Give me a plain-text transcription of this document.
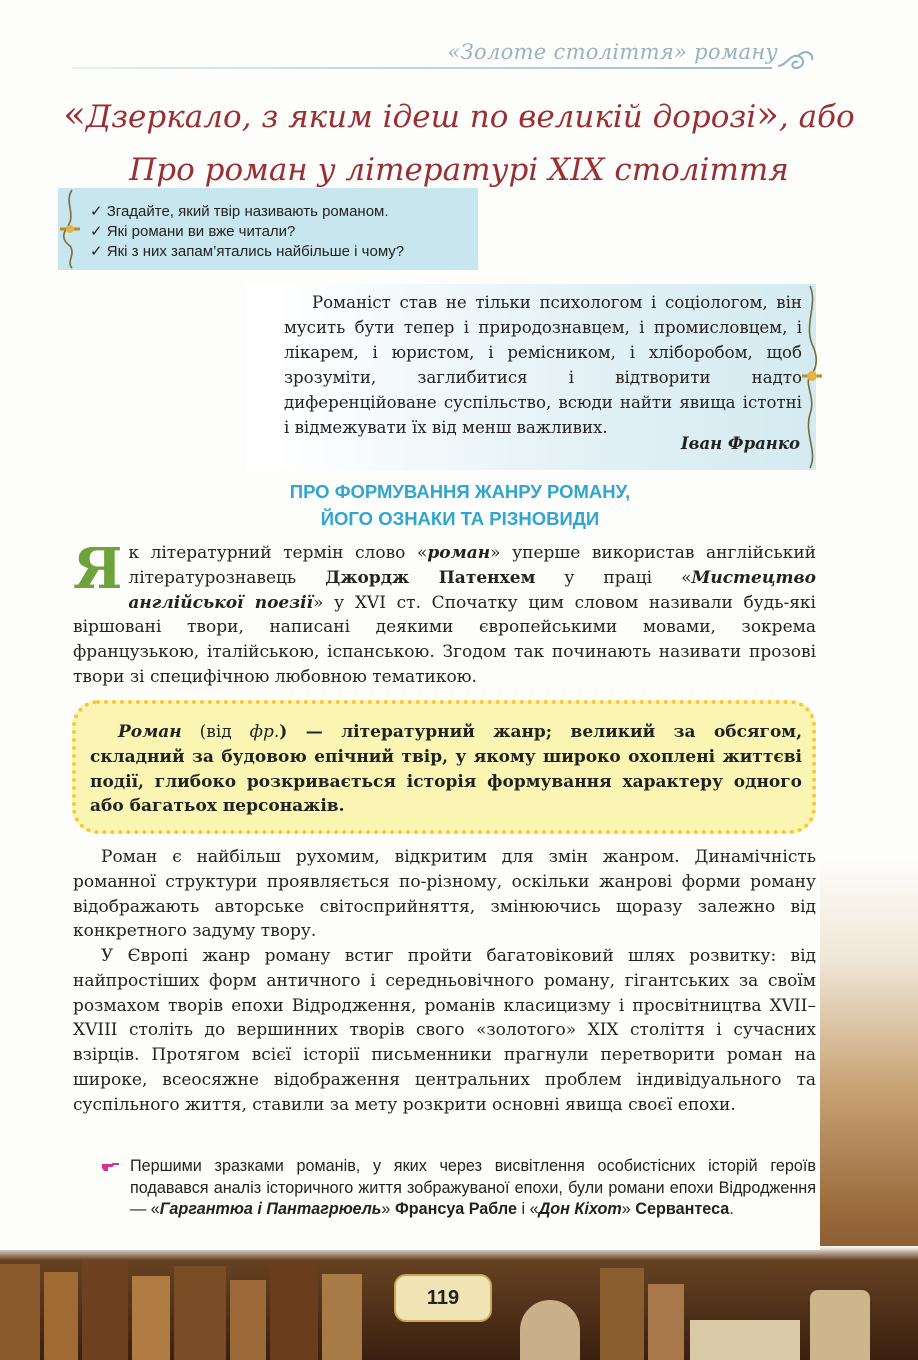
«Золоте століття» роману
«Дзеркало, з яким ідеш по великій дорозі», або
Про роман у літературі XIX століття
✓ Згадайте, який твір називають романом.
✓ Які романи ви вже читали?
✓ Які з них запам’ятались найбільше і чому?
Романіст став не тільки психологом і соціологом, він мусить бути тепер і природознавцем, і промисловцем, і лікарем, і юристом, і ремісником, і хліборобом, щоб зрозуміти, заглибитися і відтворити надто диференційоване суспільство, всюди найти явища істотні і відмежувати їх від менш важливих.
Іван Франко
ПРО ФОРМУВАННЯ ЖАНРУ РОМАНУ,
ЙОГО ОЗНАКИ ТА РІЗНОВИДИ
Як літературний термін слово «роман» уперше використав англійський літературознавець Джордж Патенхем у праці «Мистецтво англійської поезії» у XVI ст. Спочатку цим словом називали будь-які віршовані твори, написані деякими європейськими мовами, зокрема французькою, італійською, іспанською. Згодом так починають називати прозові твори зі специфічною любовною тематикою.
Роман (від фр.) — літературний жанр; великий за обсягом, складний за будовою епічний твір, у якому широко охоплені життєві події, глибоко розкривається історія формування характеру одного або багатьох персонажів.
Роман є найбільш рухомим, відкритим для змін жанром. Динамічність романної структури проявляється по-різному, оскільки жанрові форми роману відображають авторське світосприйняття, змінюючись щоразу залежно від конкретного задуму твору.
У Європі жанр роману встиг пройти багатовіковий шлях розвитку: від найпростіших форм античного і середньовічного роману, гігантських за своїм розмахом творів епохи Відродження, романів класицизму і просвітництва XVII–XVIII століть до вершинних творів свого «золотого» XIX століття і сучасних взірців. Протягом всієї історії письменники прагнули перетворити роман на широке, всеосяжне відображення центральних проблем індивідуального та суспільного життя, ставили за мету розкрити основні явища своєї епохи.
Першими зразками романів, у яких через висвітлення особистісних історій героїв подавався аналіз історичного життя зображуваної епохи, були романи епохи Відродження — «Гаргантюа і Пантагрюель» Франсуа Рабле і «Дон Кіхот» Сервантеса.
119
